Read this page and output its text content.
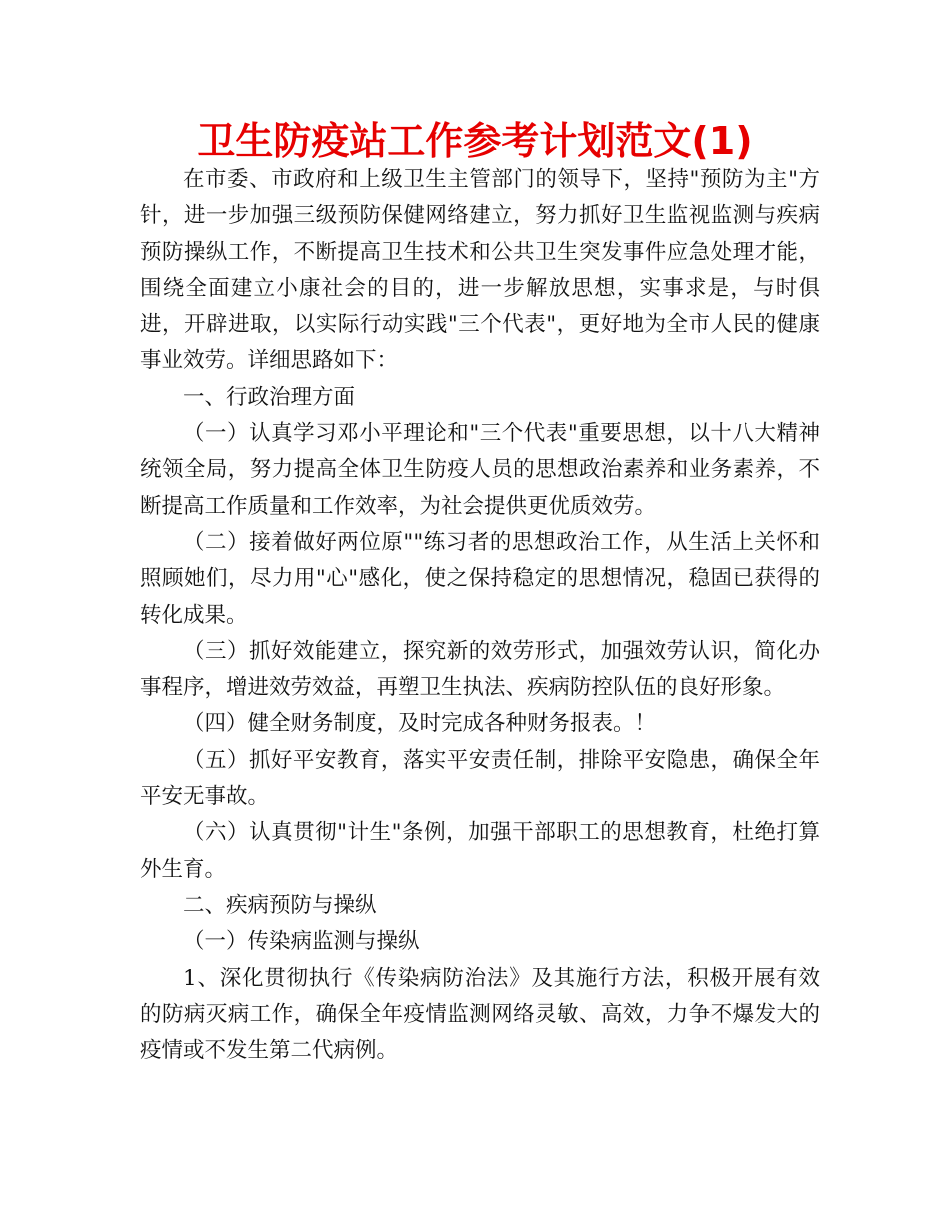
卫生防疫站工作参考计划范文(1)

在市委、市政府和上级卫生主管部门的领导下，坚持"预防为主"方针，进一步加强三级预防保健网络建立，努力抓好卫生监视监测与疾病预防操纵工作，不断提高卫生技术和公共卫生突发事件应急处理才能，围绕全面建立小康社会的目的，进一步解放思想，实事求是，与时俱进，开辟进取，以实际行动实践"三个代表"，更好地为全市人民的健康事业效劳。详细思路如下：

一、行政治理方面

（一）认真学习邓小平理论和"三个代表"重要思想，以十八大精神统领全局，努力提高全体卫生防疫人员的思想政治素养和业务素养，不断提高工作质量和工作效率，为社会提供更优质效劳。

（二）接着做好两位原""练习者的思想政治工作，从生活上关怀和照顾她们，尽力用"心"感化，使之保持稳定的思想情况，稳固已获得的转化成果。

（三）抓好效能建立，探究新的效劳形式，加强效劳认识，简化办事程序，增进效劳效益，再塑卫生执法、疾病防控队伍的良好形象。

（四）健全财务制度，及时完成各种财务报表。！

（五）抓好平安教育，落实平安责任制，排除平安隐患，确保全年平安无事故。

（六）认真贯彻"计生"条例，加强干部职工的思想教育，杜绝打算外生育。

二、疾病预防与操纵

（一）传染病监测与操纵

1、深化贯彻执行《传染病防治法》及其施行方法，积极开展有效的防病灭病工作，确保全年疫情监测网络灵敏、高效，力争不爆发大的疫情或不发生第二代病例。
